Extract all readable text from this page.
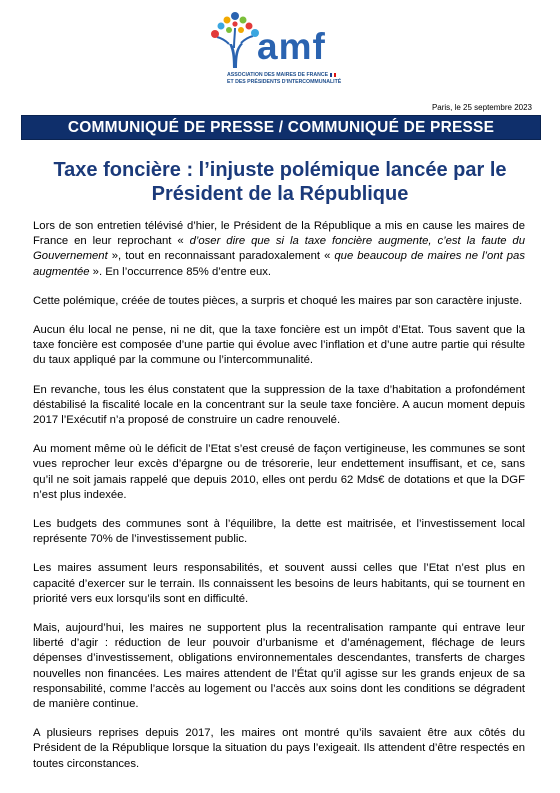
amf
ASSOCIATION DES MAIRES DE FRANCE
ET DES PRÉSIDENTS D'INTERCOMMUNALITÉ
Paris, le 25 septembre 2023
COMMUNIQUÉ DE PRESSE / COMMUNIQUÉ DE PRESSE
Taxe foncière : l’injuste polémique lancée par le
Président de la République

Lors de son entretien télévisé d’hier, le Président de la République a mis en cause les maires de France en leur reprochant « d’oser dire que si la taxe foncière augmente, c’est la faute du Gouvernement », tout en reconnaissant paradoxalement « que beaucoup de maires ne l’ont pas augmentée ». En l’occurrence 85% d’entre eux.

Cette polémique, créée de toutes pièces, a surpris et choqué les maires par son caractère injuste.

Aucun élu local ne pense, ni ne dit, que la taxe foncière est un impôt d’Etat. Tous savent que la taxe foncière est composée d’une partie qui évolue avec l’inflation et d’une autre partie qui résulte du taux appliqué par la commune ou l’intercommunalité.

En revanche, tous les élus constatent que la suppression de la taxe d’habitation a profondément déstabilisé la fiscalité locale en la concentrant sur la seule taxe foncière. A aucun moment depuis 2017 l’Exécutif n’a proposé de construire un cadre renouvelé.

Au moment même où le déficit de l’Etat s’est creusé de façon vertigineuse, les communes se sont vues reprocher leur excès d’épargne ou de trésorerie, leur endettement insuffisant, et ce, sans qu’il ne soit jamais rappelé que depuis 2010, elles ont perdu 62 Mds€ de dotations et que la DGF n’est plus indexée.

Les budgets des communes sont à l’équilibre, la dette est maitrisée, et l’investissement local représente 70% de l’investissement public.

Les maires assument leurs responsabilités, et souvent aussi celles que l’Etat n’est plus en capacité d’exercer sur le terrain. Ils connaissent les besoins de leurs habitants, qui se tournent en priorité vers eux lorsqu’ils sont en difficulté.

Mais, aujourd’hui, les maires ne supportent plus la recentralisation rampante qui entrave leur liberté d’agir : réduction de leur pouvoir d’urbanisme et d’aménagement, fléchage de leurs dépenses d’investissement, obligations environnementales descendantes, transferts de charges nouvelles non financées. Les maires attendent de l’État qu’il agisse sur les grands enjeux de sa responsabilité, comme l’accès au logement ou l’accès aux soins dont les conditions se dégradent de manière continue.

A plusieurs reprises depuis 2017, les maires ont montré qu’ils savaient être aux côtés du Président de la République lorsque la situation du pays l’exigeait. Ils attendent d’être respectés en toutes circonstances.
